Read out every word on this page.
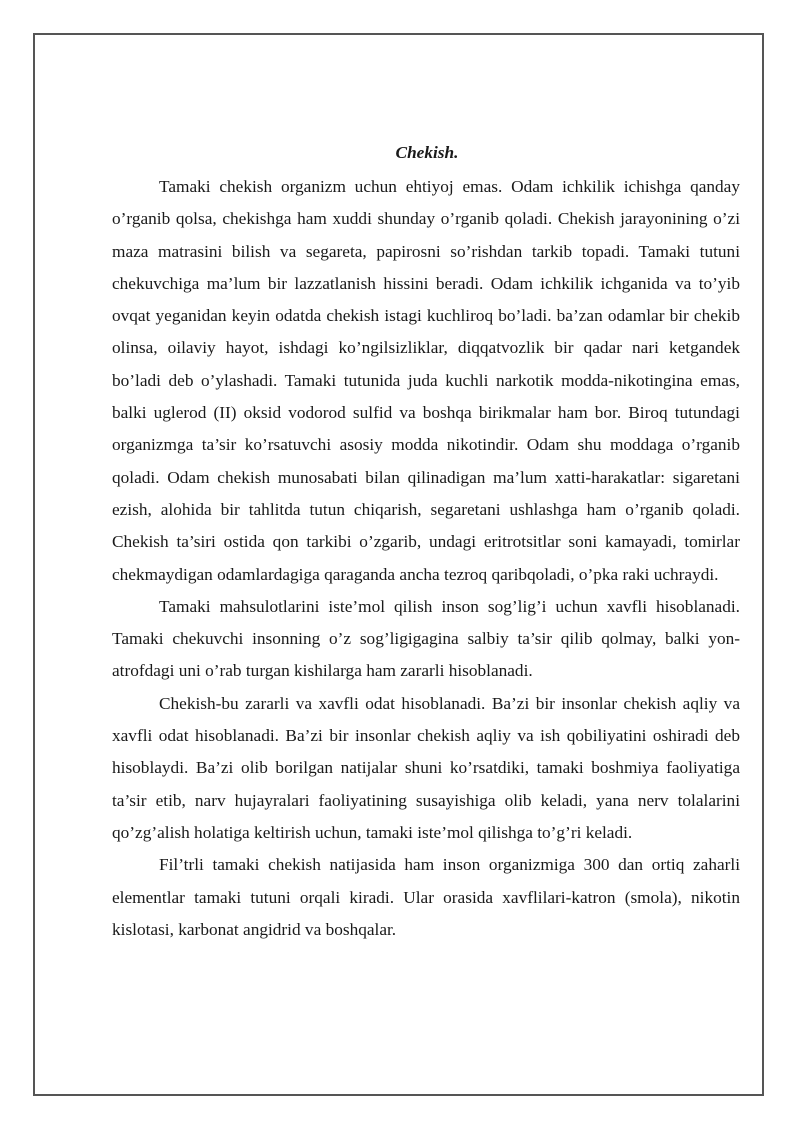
Chekish.

Tamaki chekish organizm uchun ehtiyoj emas. Odam ichkilik ichishga qanday o’rganib qolsa, chekishga ham xuddi shunday o’rganib qoladi. Chekish jarayonining o’zi maza matrasini bilish va segareta, papirosni so’rishdan tarkib topadi. Tamaki tutuni chekuvchiga ma’lum bir lazzatlanish hissini beradi. Odam ichkilik ichganida va to’yib ovqat yeganidan keyin odatda chekish istagi kuchliroq bo’ladi. ba’zan odamlar bir chekib olinsa, oilaviy hayot, ishdagi ko’ngilsizliklar, diqqatvozlik bir qadar nari ketgandek bo’ladi deb o’ylashadi. Tamaki tutunida juda kuchli narkotik modda-nikotingina emas, balki uglerod (II) oksid vodorod sulfid va boshqa birikmalar ham bor. Biroq tutundagi organizmga ta’sir ko’rsatuvchi asosiy modda nikotindir. Odam shu moddaga o’rganib qoladi. Odam chekish munosabati bilan qilinadigan ma’lum xatti-harakatlar: sigaretani ezish, alohida bir tahlitda tutun chiqarish, segaretani ushlashga ham o’rganib qoladi. Chekish ta’siri ostida qon tarkibi o’zgarib, undagi eritrotsitlar soni kamayadi, tomirlar chekmaydigan odamlardagiga qaraganda ancha tezroq qaribqoladi, o’pka raki uchraydi.

Tamaki mahsulotlarini iste’mol qilish inson sog’lig’i uchun xavfli hisoblanadi. Tamaki chekuvchi insonning o’z sog’ligigagina salbiy ta’sir qilib qolmay, balki yon-atrofdagi uni o’rab turgan kishilarga ham zararli hisoblanadi.

Chekish-bu zararli va xavfli odat hisoblanadi. Ba’zi bir insonlar chekish aqliy va xavfli odat hisoblanadi. Ba’zi bir insonlar chekish aqliy va ish qobiliyatini oshiradi deb hisoblaydi. Ba’zi olib borilgan natijalar shuni ko’rsatdiki, tamaki boshmiya faoliyatiga ta’sir etib, narv hujayralari faoliyatining susayishiga olib keladi, yana nerv tolalarini qo’zg’alish holatiga keltirish uchun, tamaki iste’mol qilishga to’g’ri keladi.

Fil’trli tamaki chekish natijasida ham inson organizmiga 300 dan ortiq zaharli elementlar tamaki tutuni orqali kiradi. Ular orasida xavflilari-katron (smola), nikotin kislotasi, karbonat angidrid va boshqalar.
